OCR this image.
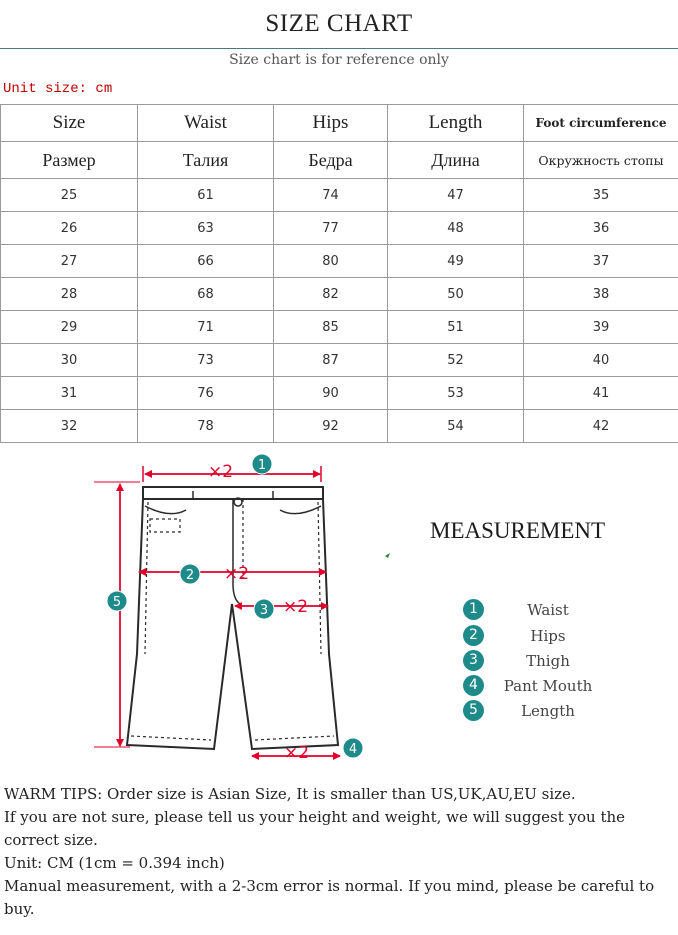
SIZE CHART
Size chart is for reference only
Unit size: cm
Size	Waist	Hips	Length	Foot circumference
Размер	Талия	Бедра	Длина	Окружность стопы
25	61	74	47	35
26	63	77	48	36
27	66	80	49	37
28	68	82	50	38
29	71	85	51	39
30	73	87	52	40
31	76	90	53	41
32	78	92	54	42
×2
×2
×2
×2
1
2
3
4
5
MEASUREMENT
1	Waist
2	Hips
3	Thigh
4	Pant Mouth
5	Length

WARM TIPS: Order size is Asian Size, It is smaller than US,UK,AU,EU size.

If you are not sure, please tell us your height and weight, we will suggest you the correct size.

Unit: CM (1cm = 0.394 inch)

Manual measurement, with a 2-3cm error is normal. If you mind, please be careful to buy.
